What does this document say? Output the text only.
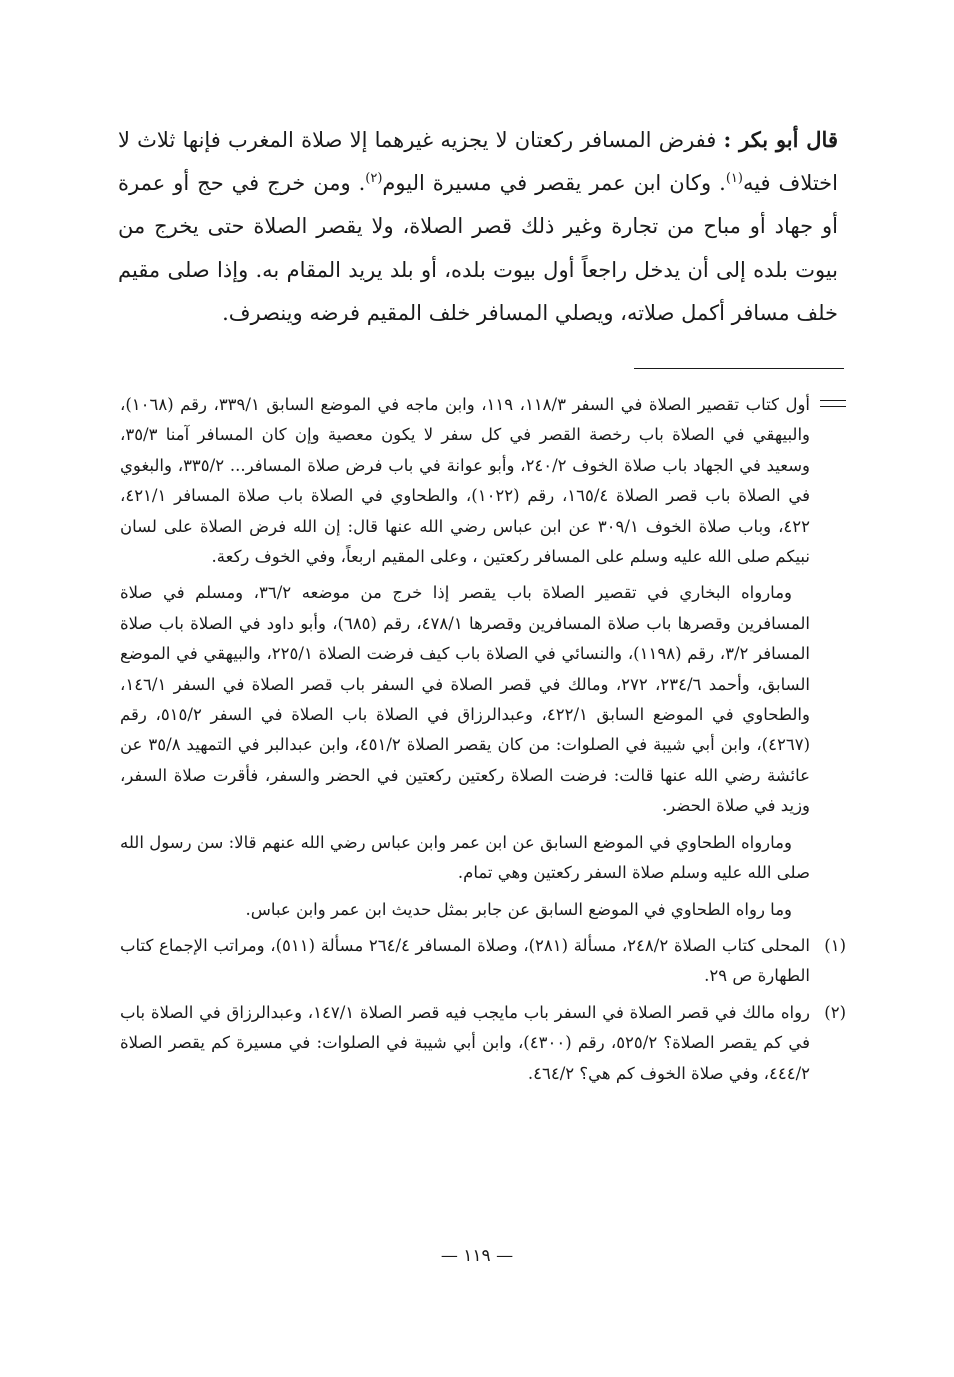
قال أبو بكر : ففرض المسافر ركعتان لا يجزيه غيرهما إلا صلاة المغرب فإنها ثلاث لا اختلاف فيه$^{(١)}$. وكان ابن عمر يقصر في مسيرة اليوم$^{(٢)}$. ومن خرج في حج أو عمرة أو جهاد أو مباح من تجارة وغير ذلك قصر الصلاة، ولا يقصر الصلاة حتى يخرج من بيوت بلده إلى أن يدخل راجعاً أول بيوت بلده، أو بلد يريد المقام به. وإذا صلى مقيم خلف مسافر أكمل صلاته، ويصلي المسافر خلف المقيم فرضه وينصرف.

أول كتاب تقصير الصلاة في السفر ١١٨/٣، ١١٩، وابن ماجه في الموضع السابق ٣٣٩/١، رقم (١٠٦٨)، والبيهقي في الصلاة باب رخصة القصر في كل سفر لا يكون معصية وإن كان المسافر آمنا ٣٥/٣، وسعيد في الجهاد باب صلاة الخوف ٢٤٠/٢، وأبو عوانة في باب فرض صلاة المسافر... ٣٣٥/٢، والبغوي في الصلاة باب قصر الصلاة ١٦٥/٤، رقم (١٠٢٢)، والطحاوي في الصلاة باب صلاة المسافر ٤٢١/١، ٤٢٢، وباب صلاة الخوف ٣٠٩/١ عن ابن عباس رضي الله عنها قال: إن الله فرض الصلاة على لسان نبيكم صلى الله عليه وسلم على المسافر ركعتين ، وعلى المقيم اربعاً، وفي الخوف ركعة.

ومارواه البخاري في تقصير الصلاة باب يقصر إذا خرج من موضعه ٣٦/٢، ومسلم في صلاة المسافرين وقصرها باب صلاة المسافرين وقصرها ٤٧٨/١، رقم (٦٨٥)، وأبو داود في الصلاة باب صلاة المسافر ٣/٢، رقم (١١٩٨)، والنسائي في الصلاة باب كيف فرضت الصلاة ٢٢٥/١، والبيهقي في الموضع السابق، وأحمد ٢٣٤/٦، ٢٧٢، ومالك في قصر الصلاة في السفر باب قصر الصلاة في السفر ١٤٦/١، والطحاوي في الموضع السابق ٤٢٢/١، وعبدالرزاق في الصلاة باب الصلاة في السفر ٥١٥/٢، رقم (٤٢٦٧)، وابن أبي شيبة في الصلوات: من كان يقصر الصلاة ٤٥١/٢، وابن عبدالبر في التمهيد ٣٥/٨ عن عائشة رضي الله عنها قالت: فرضت الصلاة ركعتين ركعتين في الحضر والسفر، فأقرت صلاة السفر، وزيد في صلاة الحضر.

ومارواه الطحاوي في الموضع السابق عن ابن عمر وابن عباس رضي الله عنهم قالا: سن رسول الله صلى الله عليه وسلم صلاة السفر ركعتين وهي تمام.

وما رواه الطحاوي في الموضع السابق عن جابر بمثل حديث ابن عمر وابن عباس.

(١)
المحلى كتاب الصلاة ٢٤٨/٢، مسألة (٢٨١)، وصلاة المسافر ٢٦٤/٤ مسألة (٥١١)، ومراتب الإجماع كتاب الطهارة ص ٢٩.
(٢)
رواه مالك في قصر الصلاة في السفر باب مايجب فيه قصر الصلاة ١٤٧/١، وعبدالرزاق في الصلاة باب في كم يقصر الصلاة؟ ٥٢٥/٢، رقم (٤٣٠٠)، وابن أبي شيبة في الصلوات: في مسيرة كم يقصر الصلاة ٤٤٤/٢، وفي صلاة الخوف كم هي؟ ٤٦٤/٢.
— ١١٩ —
